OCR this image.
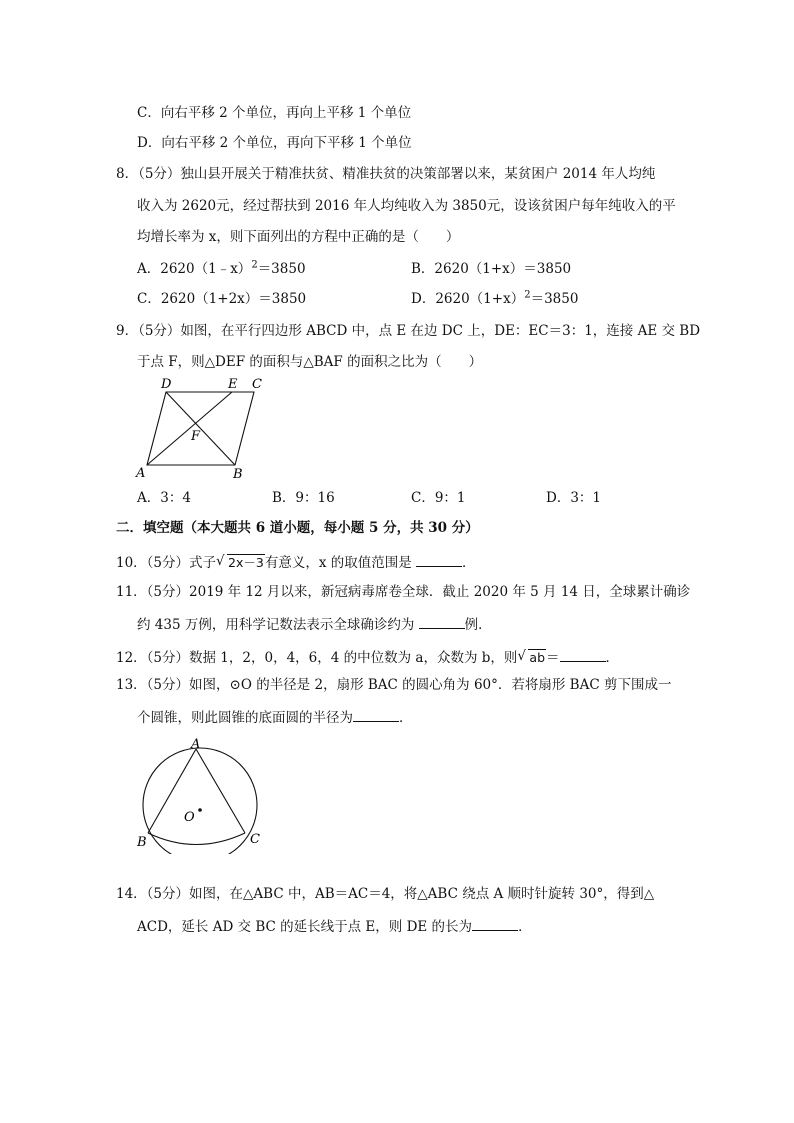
C．向右平移 2 个单位，再向上平移 1 个单位
D．向右平移 2 个单位，再向下平移 1 个单位
8．（5分）独山县开展关于精准扶贫、精准扶贫的决策部署以来，某贫困户 2014 年人均纯
收入为 2620元，经过帮扶到 2016 年人均纯收入为 3850元，设该贫困户每年纯收入的平
均增长率为 x，则下面列出的方程中正确的是（　　）
A．2620（1﹣x）$^2$＝3850	B．2620（1+x）＝3850
C．2620（1+2x）＝3850	D．$2620(1+x)^2=3850$
9．（5分）如图，在平行四边形 ABCD 中，点 E 在边 DC 上，DE：EC＝3：1，连接 AE 交 BD
于点 F，则△DEF 的面积与△BAF 的面积之比为（　　）
D	E C
F
A	B
A．3：4	B．9：16	C．9：1	D．3：1
二．填空题（本大题共 6 道小题，每小题 5 分，共 30 分）
10．（5分）式子 √ 2x－3有意义，x 的取值范围是	．
11．（5分）2019 年 12 月以来，新冠病毒席卷全球．截止 2020 年 5 月 14 日，全球累计确诊
约 435 万例，用科学记数法表示全球确诊约为	例．
12．（5分）数据 1，2，0，4，6，4 的中位数为 a，众数为 b，则 √ ab＝	．
13．（5分）如图，⊙O 的半径是 2，扇形 BAC 的圆心角为 60°．若将扇形 BAC 剪下围成一
个圆锥，则此圆锥的底面圆的半径为	．
A
O
B	C
14．（5分）如图，在△ABC 中，AB＝AC＝4，将△ABC 绕点 A 顺时针旋转 30°，得到△
ACD，延长 AD 交 BC 的延长线于点 E，则 DE 的长为	．
